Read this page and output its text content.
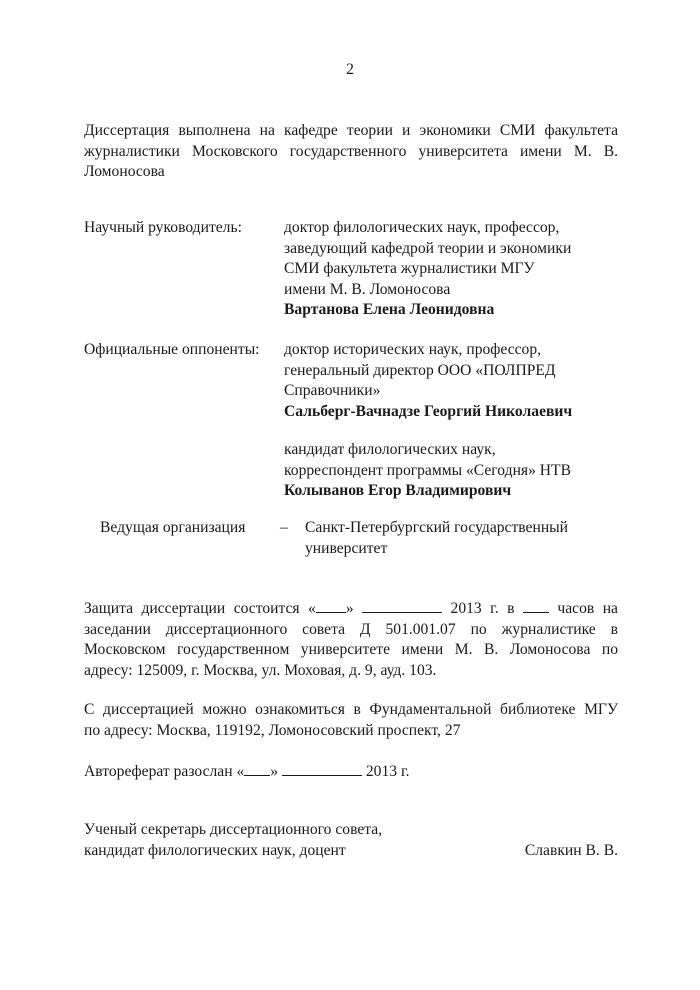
2
Диссертация выполнена на кафедре теории и экономики СМИ факультета
журналистики Московского государственного университета имени М. В.
Ломоносова
Научный руководитель:	доктор филологических наук, профессор,
заведующий кафедрой теории и экономики
СМИ факультета журналистики МГУ
имени М. В. Ломоносова
Вартанова Елена Леонидовна
Официальные оппоненты: доктор исторических наук, профессор,
генеральный директор ООО «ПОЛПРЕД
Справочники»
Сальберг-Вачнадзе Георгий Николаевич
кандидат филологических наук,
корреспондент программы «Сегодня» НТВ
Колыванов Егор Владимирович
Ведущая организация – Санкт-Петербургский государственный
университет
Защита диссертации состоится « »	2013 г. в	часов на
заседании диссертационного совета Д 501.001.07 по журналистике в
Московском государственном университете имени М. В. Ломоносова по
адресу: 125009, г. Москва, ул. Моховая, д. 9, ауд. 103.
С диссертацией можно ознакомиться в Фундаментальной библиотеке МГУ
по адресу: Москва, 119192, Ломоносовский проспект, 27
Автореферат разослан « »	2013 г.
Ученый секретарь диссертационного совета,
кандидат филологических наук, доцент	Славкин В. В.
